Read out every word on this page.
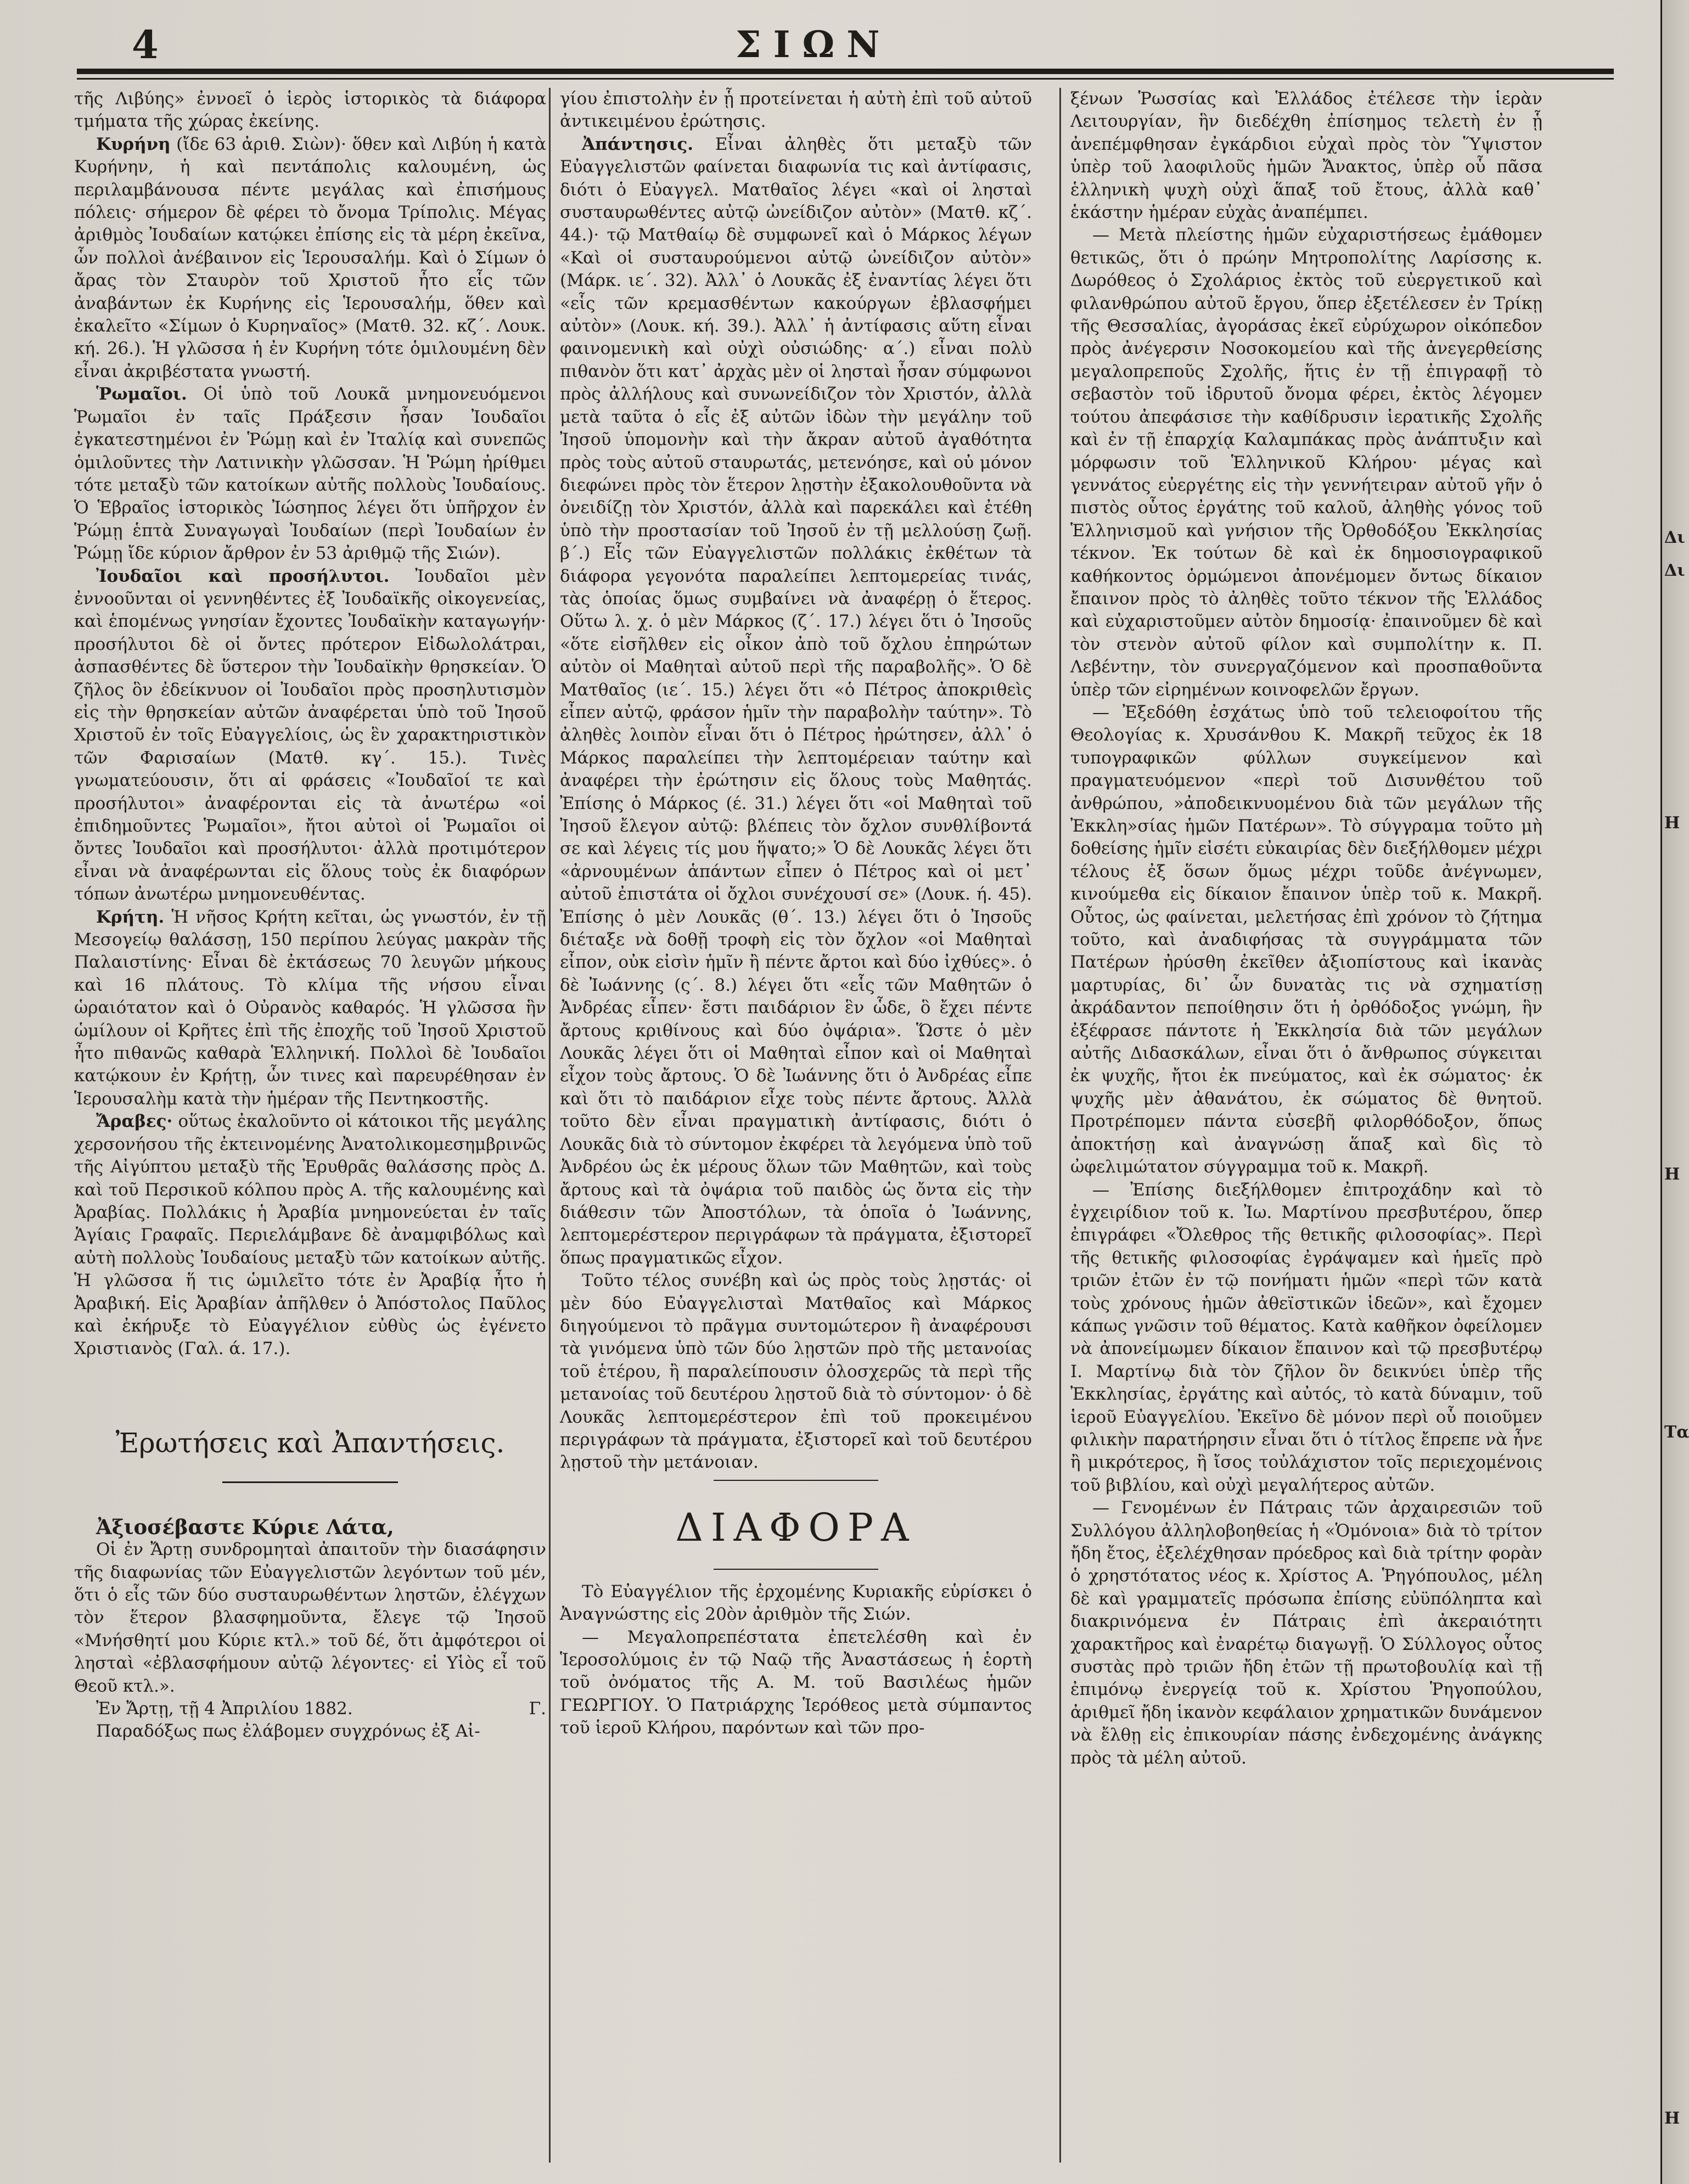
4	ΣΙΩΝ

τῆς Λιβύης» ἐννοεῖ ὁ ἱερὸς ἱστορικὸς τὰ διάφορα τμήματα τῆς χώρας ἐκείνης.

Κυρήνη (ἴδε 63 ἀριθ. Σιὼν)· ὅθεν καὶ Λιβύη ἡ κατὰ Κυρήνην, ἡ καὶ πεντάπολις καλουμένη, ὡς περιλαμβάνουσα πέντε μεγάλας καὶ ἐπισήμους πόλεις· σήμερον δὲ φέρει τὸ ὄνομα Τρίπολις. Μέγας ἀριθμὸς Ἰουδαίων κατῴκει ἐπίσης εἰς τὰ μέρη ἐκεῖνα, ὧν πολλοὶ ἀνέβαινον εἰς Ἱερουσαλήμ. Καὶ ὁ Σίμων ὁ ἄρας τὸν Σταυρὸν τοῦ Χριστοῦ ἦτο εἷς τῶν ἀναβάντων ἐκ Κυρήνης εἰς Ἱερουσαλήμ, ὅθεν καὶ ἐκαλεῖτο «Σίμων ὁ Κυρηναῖος» (Ματθ. 32. κζ΄. Λουκ. κή. 26.). Ἡ γλῶσσα ἡ ἐν Κυρήνη τότε ὁμιλουμένη δὲν εἶναι ἀκριβέστατα γνωστή.

Ῥωμαῖοι. Οἱ ὑπὸ τοῦ Λουκᾶ μνημονευόμενοι Ῥωμαῖοι ἐν ταῖς Πράξεσιν ἦσαν Ἰουδαῖοι ἐγκατεστημένοι ἐν Ῥώμῃ καὶ ἐν Ἰταλίᾳ καὶ συνεπῶς ὁμιλοῦντες τὴν Λατινικὴν γλῶσσαν. Ἡ Ῥώμη ἠρίθμει τότε μεταξὺ τῶν κατοίκων αὐτῆς πολλοὺς Ἰουδαίους. Ὁ Ἑβραῖος ἱστορικὸς Ἰώσηπος λέγει ὅτι ὑπῆρχον ἐν Ῥώμῃ ἑπτὰ Συναγωγαὶ Ἰουδαίων (περὶ Ἰουδαίων ἐν Ῥώμῃ ἴδε κύριον ἄρθρον ἐν 53 ἀριθμῷ τῆς Σιών).

Ἰουδαῖοι καὶ προσήλυτοι. Ἰουδαῖοι μὲν ἐννοοῦνται οἱ γεννηθέντες ἐξ Ἰουδαϊκῆς οἰκογενείας, καὶ ἑπομένως γνησίαν ἔχοντες Ἰουδαϊκὴν καταγωγήν· προσήλυτοι δὲ οἱ ὄντες πρότερον Εἰδωλολάτραι, ἀσπασθέντες δὲ ὕστερον τὴν Ἰουδαϊκὴν θρησκείαν. Ὁ ζῆλος ὃν ἐδείκνυον οἱ Ἰουδαῖοι πρὸς προσηλυτισμὸν εἰς τὴν θρησκείαν αὐτῶν ἀναφέρεται ὑπὸ τοῦ Ἰησοῦ Χριστοῦ ἐν τοῖς Εὐαγγελίοις, ὡς ἓν χαρακτηριστικὸν τῶν Φαρισαίων (Ματθ. κγ΄. 15.). Τινὲς γνωματεύουσιν, ὅτι αἱ φράσεις «Ἰουδαῖοί τε καὶ προσήλυτοι» ἀναφέρονται εἰς τὰ ἀνωτέρω «οἱ ἐπιδημοῦντες Ῥωμαῖοι», ἤτοι αὐτοὶ οἱ Ῥωμαῖοι οἱ ὄντες Ἰουδαῖοι καὶ προσήλυτοι· ἀλλὰ προτιμότερον εἶναι νὰ ἀναφέρωνται εἰς ὅλους τοὺς ἐκ διαφόρων τόπων ἀνωτέρω μνημονευθέντας.

Κρήτη. Ἡ νῆσος Κρήτη κεῖται, ὡς γνωστόν, ἐν τῇ Μεσογείῳ θαλάσσῃ, 150 περίπου λεύγας μακρὰν τῆς Παλαιστίνης· Εἶναι δὲ ἐκτάσεως 70 λευγῶν μήκους καὶ 16 πλάτους. Τὸ κλίμα τῆς νήσου εἶναι ὡραιότατον καὶ ὁ Οὐρανὸς καθαρός. Ἡ γλῶσσα ἣν ὡμίλουν οἱ Κρῆτες ἐπὶ τῆς ἐποχῆς τοῦ Ἰησοῦ Χριστοῦ ἦτο πιθανῶς καθαρὰ Ἑλληνική. Πολλοὶ δὲ Ἰουδαῖοι κατῴκουν ἐν Κρήτῃ, ὧν τινες καὶ παρευρέθησαν ἐν Ἱερουσαλὴμ κατὰ τὴν ἡμέραν τῆς Πεντηκοστῆς.

Ἄραβες· οὕτως ἐκαλοῦντο οἱ κάτοικοι τῆς μεγάλης χερσονήσου τῆς ἐκτεινομένης Ἀνατολικομεσημβρινῶς τῆς Αἰγύπτου μεταξὺ τῆς Ἐρυθρᾶς θαλάσσης πρὸς Δ. καὶ τοῦ Περσικοῦ κόλπου πρὸς Α. τῆς καλουμένης καὶ Ἀραβίας. Πολλάκις ἡ Ἀραβία μνημονεύεται ἐν ταῖς Ἁγίαις Γραφαῖς. Περιελάμβανε δὲ ἀναμφιβόλως καὶ αὐτὴ πολλοὺς Ἰουδαίους μεταξὺ τῶν κατοίκων αὐτῆς. Ἡ γλῶσσα ἥ τις ὡμιλεῖτο τότε ἐν Ἀραβίᾳ ἦτο ἡ Ἀραβική. Εἰς Ἀραβίαν ἀπῆλθεν ὁ Ἀπόστολος Παῦλος καὶ ἐκήρυξε τὸ Εὐαγγέλιον εὐθὺς ὡς ἐγένετο Χριστιανὸς (Γαλ. ά. 17.).

Ἐρωτήσεις καὶ Ἀπαντήσεις.

Ἀξιοσέβαστε Κύριε Λάτα,

Οἱ ἐν Ἄρτῃ συνδρομηταὶ ἀπαιτοῦν τὴν διασάφησιν τῆς διαφωνίας τῶν Εὐαγγελιστῶν λεγόντων τοῦ μέν, ὅτι ὁ εἷς τῶν δύο συσταυρωθέντων ληστῶν, ἐλέγχων τὸν ἕτερον βλασφημοῦντα, ἔλεγε τῷ Ἰησοῦ «Μνήσθητί μου Κύριε κτλ.» τοῦ δέ, ὅτι ἀμφότεροι οἱ λησταὶ «ἐβλασφήμουν αὐτῷ λέγοντες· εἰ Υἱὸς εἶ τοῦ Θεοῦ κτλ.».

Ἐν Ἄρτῃ, τῇ 4 Ἀπριλίου 1882.	Γ.

Παραδόξως πως ἐλάβομεν συγχρόνως ἐξ Αἰ-

γίου ἐπιστολὴν ἐν ᾗ προτείνεται ἡ αὐτὴ ἐπὶ τοῦ αὐτοῦ ἀντικειμένου ἐρώτησις.

Ἀπάντησις. Εἶναι ἀληθὲς ὅτι μεταξὺ τῶν Εὐαγγελιστῶν φαίνεται διαφωνία τις καὶ ἀντίφασις, διότι ὁ Εὐαγγελ. Ματθαῖος λέγει «καὶ οἱ λησταὶ συσταυρωθέντες αὐτῷ ὠνείδιζον αὐτὸν» (Ματθ. κζ΄. 44.)· τῷ Ματθαίῳ δὲ συμφωνεῖ καὶ ὁ Μάρκος λέγων «Καὶ οἱ συσταυρούμενοι αὐτῷ ὠνείδιζον αὐτὸν» (Μάρκ. ιε΄. 32). Ἀλλ᾽ ὁ Λουκᾶς ἐξ ἐναντίας λέγει ὅτι «εἷς τῶν κρεμασθέντων κακούργων ἐβλασφήμει αὐτὸν» (Λουκ. κή. 39.). Ἀλλ᾽ ἡ ἀντίφασις αὕτη εἶναι φαινομενικὴ καὶ οὐχὶ οὐσιώδης· α΄.) εἶναι πολὺ πιθανὸν ὅτι κατ᾽ ἀρχὰς μὲν οἱ λησταὶ ἦσαν σύμφωνοι πρὸς ἀλλήλους καὶ συνωνείδιζον τὸν Χριστόν, ἀλλὰ μετὰ ταῦτα ὁ εἷς ἐξ αὐτῶν ἰδὼν τὴν μεγάλην τοῦ Ἰησοῦ ὑπομονὴν καὶ τὴν ἄκραν αὐτοῦ ἀγαθότητα πρὸς τοὺς αὐτοῦ σταυρωτάς, μετενόησε, καὶ οὐ μόνον διεφώνει πρὸς τὸν ἕτερον λῃστὴν ἐξακολουθοῦντα νὰ ὀνειδίζῃ τὸν Χριστόν, ἀλλὰ καὶ παρεκάλει καὶ ἐτέθη ὑπὸ τὴν προστασίαν τοῦ Ἰησοῦ ἐν τῇ μελλούσῃ ζωῇ. β΄.) Εἷς τῶν Εὐαγγελιστῶν πολλάκις ἐκθέτων τὰ διάφορα γεγονότα παραλείπει λεπτομερείας τινάς, τὰς ὁποίας ὅμως συμβαίνει νὰ ἀναφέρῃ ὁ ἕτερος. Οὕτω λ. χ. ὁ μὲν Μάρκος (ζ΄. 17.) λέγει ὅτι ὁ Ἰησοῦς «ὅτε εἰσῆλθεν εἰς οἶκον ἀπὸ τοῦ ὄχλου ἐπηρώτων αὐτὸν οἱ Μαθηταὶ αὐτοῦ περὶ τῆς παραβολῆς». Ὁ δὲ Ματθαῖος (ιε΄. 15.) λέγει ὅτι «ὁ Πέτρος ἀποκριθεὶς εἶπεν αὐτῷ, φράσον ἡμῖν τὴν παραβολὴν ταύτην». Τὸ ἀληθὲς λοιπὸν εἶναι ὅτι ὁ Πέτρος ἠρώτησεν, ἀλλ᾽ ὁ Μάρκος παραλείπει τὴν λεπτομέρειαν ταύτην καὶ ἀναφέρει τὴν ἐρώτησιν εἰς ὅλους τοὺς Μαθητάς. Ἐπίσης ὁ Μάρκος (έ. 31.) λέγει ὅτι «οἱ Μαθηταὶ τοῦ Ἰησοῦ ἔλεγον αὐτῷ: βλέπεις τὸν ὄχλον συνθλίβοντά σε καὶ λέγεις τίς μου ἥψατο;» Ὁ δὲ Λουκᾶς λέγει ὅτι «ἀρνουμένων ἁπάντων εἶπεν ὁ Πέτρος καὶ οἱ μετ᾽ αὐτοῦ ἐπιστάτα οἱ ὄχλοι συνέχουσί σε» (Λουκ. ή. 45). Ἐπίσης ὁ μὲν Λουκᾶς (θ΄. 13.) λέγει ὅτι ὁ Ἰησοῦς διέταξε νὰ δοθῇ τροφὴ εἰς τὸν ὄχλον «οἱ Μαθηταὶ εἶπον, οὐκ εἰσὶν ἡμῖν ἢ πέντε ἄρτοι καὶ δύο ἰχθύες». ὁ δὲ Ἰωάννης (ς΄. 8.) λέγει ὅτι «εἷς τῶν Μαθητῶν ὁ Ἀνδρέας εἶπεν· ἔστι παιδάριον ἓν ὧδε, ὃ ἔχει πέντε ἄρτους κριθίνους καὶ δύο ὀψάρια». Ὥστε ὁ μὲν Λουκᾶς λέγει ὅτι οἱ Μαθηταὶ εἶπον καὶ οἱ Μαθηταὶ εἶχον τοὺς ἄρτους. Ὁ δὲ Ἰωάννης ὅτι ὁ Ἀνδρέας εἶπε καὶ ὅτι τὸ παιδάριον εἶχε τοὺς πέντε ἄρτους. Ἀλλὰ τοῦτο δὲν εἶναι πραγματικὴ ἀντίφασις, διότι ὁ Λουκᾶς διὰ τὸ σύντομον ἐκφέρει τὰ λεγόμενα ὑπὸ τοῦ Ἀνδρέου ὡς ἐκ μέρους ὅλων τῶν Μαθητῶν, καὶ τοὺς ἄρτους καὶ τὰ ὀψάρια τοῦ παιδὸς ὡς ὄντα εἰς τὴν διάθεσιν τῶν Ἀποστόλων, τὰ ὁποῖα ὁ Ἰωάννης, λεπτομερέστερον περιγράφων τὰ πράγματα, ἐξιστορεῖ ὅπως πραγματικῶς εἶχον.

Τοῦτο τέλος συνέβη καὶ ὡς πρὸς τοὺς λῃστάς· οἱ μὲν δύο Εὐαγγελισταὶ Ματθαῖος καὶ Μάρκος διηγούμενοι τὸ πρᾶγμα συντομώτερον ἢ ἀναφέρουσι τὰ γινόμενα ὑπὸ τῶν δύο λῃστῶν πρὸ τῆς μετανοίας τοῦ ἑτέρου, ἢ παραλείπουσιν ὁλοσχερῶς τὰ περὶ τῆς μετανοίας τοῦ δευτέρου λῃστοῦ διὰ τὸ σύντομον· ὁ δὲ Λουκᾶς λεπτομερέστερον ἐπὶ τοῦ προκειμένου περιγράφων τὰ πράγματα, ἐξιστορεῖ καὶ τοῦ δευτέρου λῃστοῦ τὴν μετάνοιαν.

ΔΙΑΦΟΡΑ

Τὸ Εὐαγγέλιον τῆς ἐρχομένης Κυριακῆς εὑρίσκει ὁ Ἀναγνώστης εἰς 20ὸν ἀριθμὸν τῆς Σιών.

— Μεγαλοπρεπέστατα ἐπετελέσθη καὶ ἐν Ἱεροσολύμοις ἐν τῷ Ναῷ τῆς Ἀναστάσεως ἡ ἑορτὴ τοῦ ὀνόματος τῆς Α. Μ. τοῦ Βασιλέως ἡμῶν ΓΕΩΡΓΙΟΥ. Ὁ Πατριάρχης Ἱερόθεος μετὰ σύμπαντος τοῦ ἱεροῦ Κλήρου, παρόντων καὶ τῶν προ-

ξένων Ῥωσσίας καὶ Ἑλλάδος ἐτέλεσε τὴν ἱερὰν Λειτουργίαν, ἣν διεδέχθη ἐπίσημος τελετὴ ἐν ᾗ ἀνεπέμφθησαν ἐγκάρδιοι εὐχαὶ πρὸς τὸν Ὕψιστον ὑπὲρ τοῦ λαοφιλοῦς ἡμῶν Ἄνακτος, ὑπὲρ οὗ πᾶσα ἑλληνικὴ ψυχὴ οὐχὶ ἅπαξ τοῦ ἔτους, ἀλλὰ καθ᾽ ἑκάστην ἡμέραν εὐχὰς ἀναπέμπει.

— Μετὰ πλείστης ἡμῶν εὐχαριστήσεως ἐμάθομεν θετικῶς, ὅτι ὁ πρώην Μητροπολίτης Λαρίσσης κ. Δωρόθεος ὁ Σχολάριος ἐκτὸς τοῦ εὐεργετικοῦ καὶ φιλανθρώπου αὐτοῦ ἔργου, ὅπερ ἐξετέλεσεν ἐν Τρίκῃ τῆς Θεσσαλίας, ἀγοράσας ἐκεῖ εὐρύχωρον οἰκόπεδον πρὸς ἀνέγερσιν Νοσοκομείου καὶ τῆς ἀνεγερθείσης μεγαλοπρεποῦς Σχολῆς, ἥτις ἐν τῇ ἐπιγραφῇ τὸ σεβαστὸν τοῦ ἱδρυτοῦ ὄνομα φέρει, ἐκτὸς λέγομεν τούτου ἀπεφάσισε τὴν καθίδρυσιν ἱερατικῆς Σχολῆς καὶ ἐν τῇ ἐπαρχίᾳ Καλαμπάκας πρὸς ἀνάπτυξιν καὶ μόρφωσιν τοῦ Ἑλληνικοῦ Κλήρου· μέγας καὶ γεννάτος εὐεργέτης εἰς τὴν γεννήτειραν αὐτοῦ γῆν ὁ πιστὸς οὗτος ἐργάτης τοῦ καλοῦ, ἀληθὴς γόνος τοῦ Ἑλληνισμοῦ καὶ γνήσιον τῆς Ὀρθοδόξου Ἐκκλησίας τέκνον. Ἐκ τούτων δὲ καὶ ἐκ δημοσιογραφικοῦ καθήκοντος ὁρμώμενοι ἀπονέμομεν ὄντως δίκαιον ἔπαινον πρὸς τὸ ἀληθὲς τοῦτο τέκνον τῆς Ἑλλάδος καὶ εὐχαριστοῦμεν αὐτὸν δημοσίᾳ· ἐπαινοῦμεν δὲ καὶ τὸν στενὸν αὐτοῦ φίλον καὶ συμπολίτην κ. Π. Λεβέντην, τὸν συνεργαζόμενον καὶ προσπαθοῦντα ὑπὲρ τῶν εἰρημένων κοινοφελῶν ἔργων.

— Ἐξεδόθη ἐσχάτως ὑπὸ τοῦ τελειοφοίτου τῆς Θεολογίας κ. Χρυσάνθου Κ. Μακρῆ τεῦχος ἐκ 18 τυπογραφικῶν φύλλων συγκείμενον καὶ πραγματευόμενον «περὶ τοῦ Δισυνθέτου τοῦ ἀνθρώπου, »ἀποδεικνυομένου διὰ τῶν μεγάλων τῆς Ἐκκλη»σίας ἡμῶν Πατέρων». Τὸ σύγγραμα τοῦτο μὴ δοθείσης ἡμῖν εἰσέτι εὐκαιρίας δὲν διεξήλθομεν μέχρι τέλους ἐξ ὅσων ὅμως μέχρι τοῦδε ἀνέγνωμεν, κινούμεθα εἰς δίκαιον ἔπαινον ὑπὲρ τοῦ κ. Μακρῆ. Οὗτος, ὡς φαίνεται, μελετήσας ἐπὶ χρόνον τὸ ζήτημα τοῦτο, καὶ ἀναδιφήσας τὰ συγγράμματα τῶν Πατέρων ἠρύσθη ἐκεῖθεν ἀξιοπίστους καὶ ἱκανὰς μαρτυρίας, δι᾽ ὧν δυνατὰς τις νὰ σχηματίσῃ ἀκράδαντον πεποίθησιν ὅτι ἡ ὀρθόδοξος γνώμη, ἣν ἐξέφρασε πάντοτε ἡ Ἐκκλησία διὰ τῶν μεγάλων αὐτῆς Διδασκάλων, εἶναι ὅτι ὁ ἄνθρωπος σύγκειται ἐκ ψυχῆς, ἤτοι ἐκ πνεύματος, καὶ ἐκ σώματος· ἐκ ψυχῆς μὲν ἀθανάτου, ἐκ σώματος δὲ θνητοῦ. Προτρέπομεν πάντα εὐσεβῆ φιλορθόδοξον, ὅπως ἀποκτήσῃ καὶ ἀναγνώσῃ ἅπαξ καὶ δὶς τὸ ὠφελιμώτατον σύγγραμμα τοῦ κ. Μακρῆ.

— Ἐπίσης διεξήλθομεν ἐπιτροχάδην καὶ τὸ ἐγχειρίδιον τοῦ κ. Ἰω. Μαρτίνου πρεσβυτέρου, ὅπερ ἐπιγράφει «Ὄλεθρος τῆς θετικῆς φιλοσοφίας». Περὶ τῆς θετικῆς φιλοσοφίας ἐγράψαμεν καὶ ἡμεῖς πρὸ τριῶν ἐτῶν ἐν τῷ πονήματι ἡμῶν «περὶ τῶν κατὰ τοὺς χρόνους ἡμῶν ἀθεϊστικῶν ἰδεῶν», καὶ ἔχομεν κάπως γνῶσιν τοῦ θέματος. Κατὰ καθῆκον ὀφείλομεν νὰ ἀπονείμωμεν δίκαιον ἔπαινον καὶ τῷ πρεσβυτέρῳ Ι. Μαρτίνῳ διὰ τὸν ζῆλον ὃν δεικνύει ὑπὲρ τῆς Ἐκκλησίας, ἐργάτης καὶ αὐτός, τὸ κατὰ δύναμιν, τοῦ ἱεροῦ Εὐαγγελίου. Ἐκεῖνο δὲ μόνον περὶ οὗ ποιοῦμεν φιλικὴν παρατήρησιν εἶναι ὅτι ὁ τίτλος ἔπρεπε νὰ ἦνε ἢ μικρότερος, ἢ ἴσος τοὐλάχιστον τοῖς περιεχομένοις τοῦ βιβλίου, καὶ οὐχὶ μεγαλήτερος αὐτῶν.

— Γενομένων ἐν Πάτραις τῶν ἀρχαιρεσιῶν τοῦ Συλλόγου ἀλληλοβοηθείας ἡ «Ὁμόνοια» διὰ τὸ τρίτον ἤδη ἔτος, ἐξελέχθησαν πρόεδρος καὶ διὰ τρίτην φορὰν ὁ χρηστότατος νέος κ. Χρίστος Α. Ῥηγόπουλος, μέλη δὲ καὶ γραμματεῖς πρόσωπα ἐπίσης εὐϋπόληπτα καὶ διακρινόμενα ἐν Πάτραις ἐπὶ ἀκεραιότητι χαρακτῆρος καὶ ἐναρέτῳ διαγωγῇ. Ὁ Σύλλογος οὗτος συστὰς πρὸ τριῶν ἤδη ἐτῶν τῇ πρωτοβουλίᾳ καὶ τῇ ἐπιμόνῳ ἐνεργείᾳ τοῦ κ. Χρίστου Ῥηγοπούλου, ἀριθμεῖ ἤδη ἱκανὸν κεφάλαιον χρηματικῶν δυνάμενον νὰ ἔλθῃ εἰς ἐπικουρίαν πάσης ἐνδεχομένης ἀνάγκης πρὸς τὰ μέλη αὐτοῦ.

Δι
Δι
Η
Η
Τα
Η
